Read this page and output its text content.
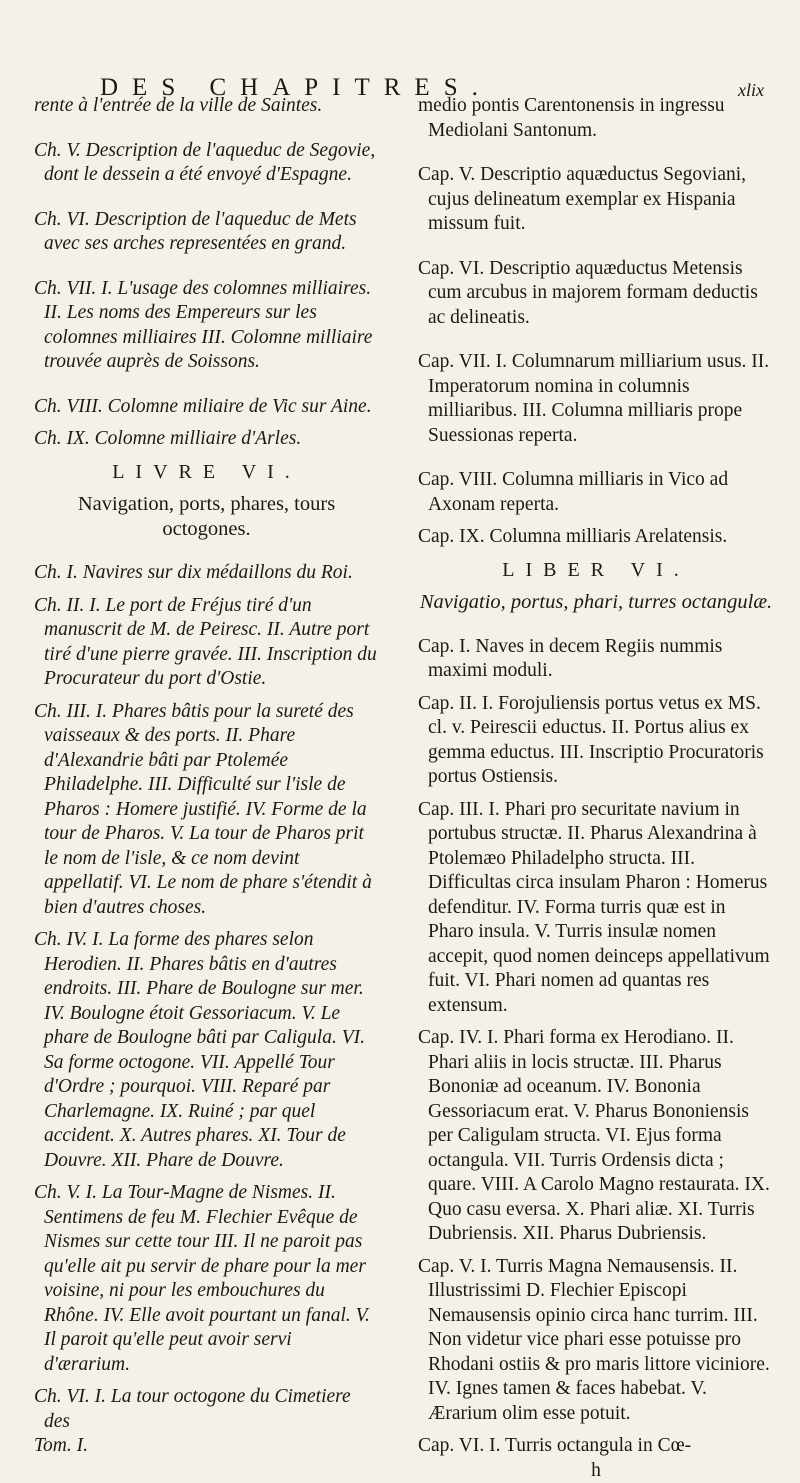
DES CHAPITRES.	xlix

rente à l'entrée de la ville de Saintes.

Ch. V. Description de l'aqueduc de Segovie, dont le dessein a été envoyé d'Espagne.

Ch. VI. Description de l'aqueduc de Mets avec ses arches representées en grand.

Ch. VII. I. L'usage des colomnes milliaires. II. Les noms des Empereurs sur les colomnes milliaires III. Colomne milliaire trouvée auprès de Soissons.

Ch. VIII. Colomne miliaire de Vic sur Aine.

Ch. IX. Colomne milliaire d'Arles.

LIVRE VI.

Navigation, ports, phares, tours octogones.

Ch. I. Navires sur dix médaillons du Roi.

Ch. II. I. Le port de Fréjus tiré d'un manuscrit de M. de Peiresc. II. Autre port tiré d'une pierre gravée. III. Inscription du Procurateur du port d'Ostie.

Ch. III. I. Phares bâtis pour la sureté des vaisseaux & des ports. II. Phare d'Alexandrie bâti par Ptolemée Philadelphe. III. Difficulté sur l'isle de Pharos : Homere justifié. IV. Forme de la tour de Pharos. V. La tour de Pharos prit le nom de l'isle, & ce nom devint appellatif. VI. Le nom de phare s'étendit à bien d'autres choses.

Ch. IV. I. La forme des phares selon Herodien. II. Phares bâtis en d'autres endroits. III. Phare de Boulogne sur mer. IV. Boulogne étoit Gessoriacum. V. Le phare de Boulogne bâti par Caligula. VI. Sa forme octogone. VII. Appellé Tour d'Ordre ; pourquoi. VIII. Reparé par Charlemagne. IX. Ruiné ; par quel accident. X. Autres phares. XI. Tour de Douvre. XII. Phare de Douvre.

Ch. V. I. La Tour-Magne de Nismes. II. Sentimens de feu M. Flechier Evêque de Nismes sur cette tour III. Il ne paroit pas qu'elle ait pu servir de phare pour la mer voisine, ni pour les embouchures du Rhône. IV. Elle avoit pourtant un fanal. V. Il paroit qu'elle peut avoir servi d'ærarium.

Ch. VI. I. La tour octogone du Cimetiere des

Tom. I.

medio pontis Carentonensis in ingressu Mediolani Santonum.

Cap. V. Descriptio aquæductus Segoviani, cujus delineatum exemplar ex Hispania missum fuit.

Cap. VI. Descriptio aquæductus Metensis cum arcubus in majorem formam deductis ac delineatis.

Cap. VII. I. Columnarum milliarium usus. II. Imperatorum nomina in columnis milliaribus. III. Columna milliaris prope Suessionas reperta.

Cap. VIII. Columna milliaris in Vico ad Axonam reperta.

Cap. IX. Columna milliaris Arelatensis.

LIBER VI.

Navigatio, portus, phari, turres octangulæ.

Cap. I. Naves in decem Regiis nummis maximi moduli.

Cap. II. I. Forojuliensis portus vetus ex MS. cl. v. Peirescii eductus. II. Portus alius ex gemma eductus. III. Inscriptio Procuratoris portus Ostiensis.

Cap. III. I. Phari pro securitate navium in portubus structæ. II. Pharus Alexandrina à Ptolemæo Philadelpho structa. III. Difficultas circa insulam Pharon : Homerus defenditur. IV. Forma turris quæ est in Pharo insula. V. Turris insulæ nomen accepit, quod nomen deinceps appellativum fuit. VI. Phari nomen ad quantas res extensum.

Cap. IV. I. Phari forma ex Herodiano. II. Phari aliis in locis structæ. III. Pharus Bononiæ ad oceanum. IV. Bononia Gessoriacum erat. V. Pharus Bononiensis per Caligulam structa. VI. Ejus forma octangula. VII. Turris Ordensis dicta ; quare. VIII. A Carolo Magno restaurata. IX. Quo casu eversa. X. Phari aliæ. XI. Turris Dubriensis. XII. Pharus Dubriensis.

Cap. V. I. Turris Magna Nemausensis. II. Illustrissimi D. Flechier Episcopi Nemausensis opinio circa hanc turrim. III. Non videtur vice phari esse potuisse pro Rhodani ostiis & pro maris littore viciniore. IV. Ignes tamen & faces habebat. V. Ærarium olim esse potuit.

Cap. VI. I. Turris octangula in Cœ-

h
